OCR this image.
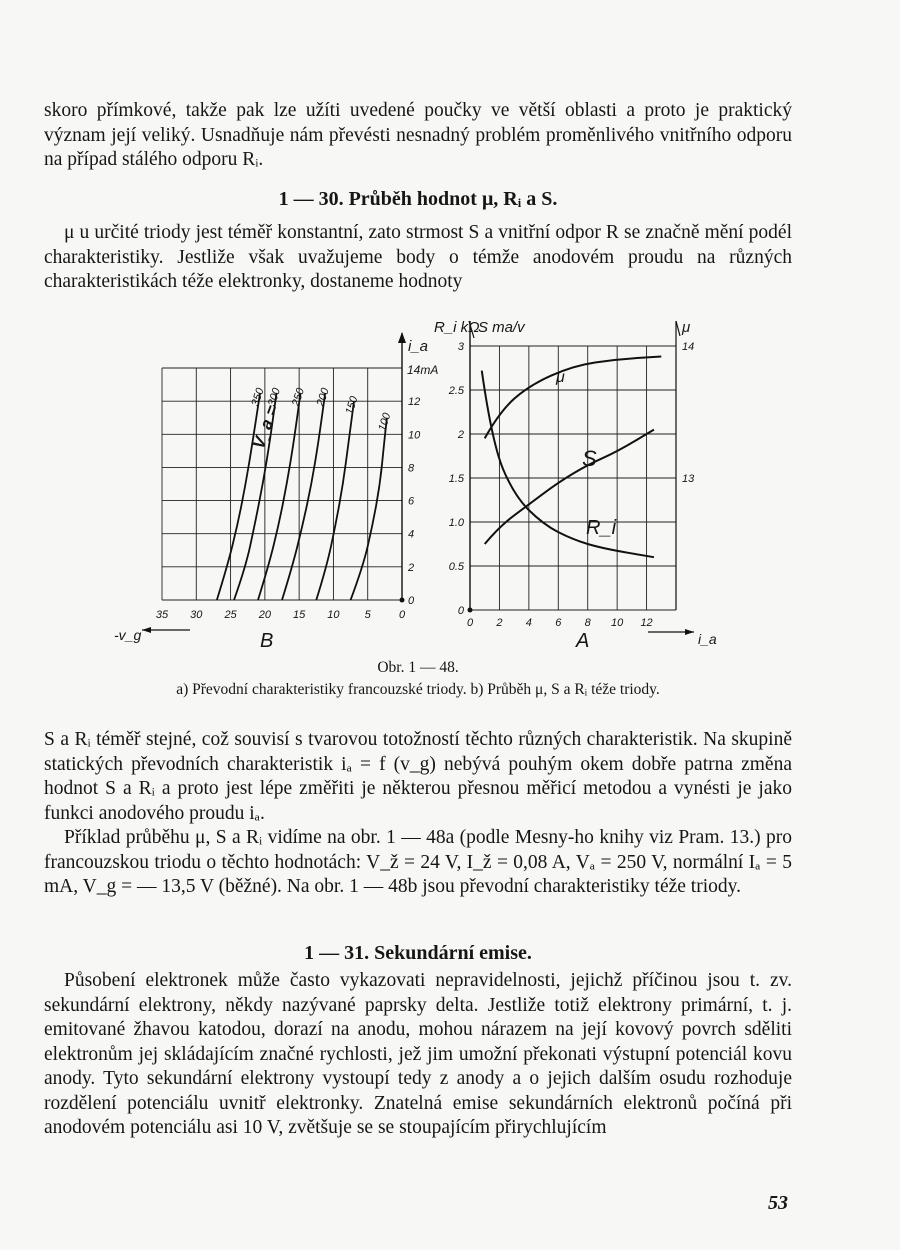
skoro přímkové, takže pak lze užíti uvedené poučky ve větší oblasti a proto je praktický význam její veliký. Usnadňuje nám převésti nesnadný problém proměnlivého vnitřního odporu na případ stálého odporu Rᵢ.

1 — 30. Průběh hodnot μ, Rᵢ a S.

μ u určité triody jest téměř konstantní, zato strmost S a vnitřní odpor R se značně mění podél charakteristiky. Jestliže však uvažujeme body o témže anodovém proudu na různých charakteristikách téže elektronky, dostaneme hodnoty

35 30 25 20 15 10 5	0
0
2
4
6
8
10
12
i_a
14mA
350 300 250 200 150
100
V_a =
-v_g	B
0 2 4 6 8 10 12
0
0.5
1.0
1.5
2
2.5
3
13
14
R_i kΩ
S ma/v	μ
μ
S
R_i
i_a
A
Obr. 1 — 48.
a) Převodní charakteristiky francouzské triody. b) Průběh μ, S a Rᵢ téže triody.

S a Rᵢ téměř stejné, což souvisí s tvarovou totožností těchto různých charakteristik. Na skupině statických převodních charakteristik iₐ = f (v_g) nebývá pouhým okem dobře patrna změna hodnot S a Rᵢ a proto jest lépe změřiti je některou přesnou měřicí metodou a vynésti je jako funkci anodového proudu iₐ.

Příklad průběhu μ, S a Rᵢ vidíme na obr. 1 — 48a (podle Mesny-ho knihy viz Pram. 13.) pro francouzskou triodu o těchto hodnotách: V_ž = 24 V, I_ž = 0,08 A, Vₐ = 250 V, normální Iₐ = 5 mA, V_g = — 13,5 V (běžné). Na obr. 1 — 48b jsou převodní charakteristiky téže triody.

1 — 31. Sekundární emise.

Působení elektronek může často vykazovati nepravidelnosti, jejichž příčinou jsou t. zv. sekundární elektrony, někdy nazývané paprsky delta. Jestliže totiž elektrony primární, t. j. emitované žhavou katodou, dorazí na anodu, mohou nárazem na její kovový povrch sděliti elektronům jej skládajícím značné rychlosti, jež jim umožní překonati výstupní potenciál kovu anody. Tyto sekundární elektrony vystoupí tedy z anody a o jejich dalším osudu rozhoduje rozdělení potenciálu uvnitř elektronky. Znatelná emise sekundárních elektronů počíná při anodovém potenciálu asi 10 V, zvětšuje se se stoupajícím přirychlujícím

53
